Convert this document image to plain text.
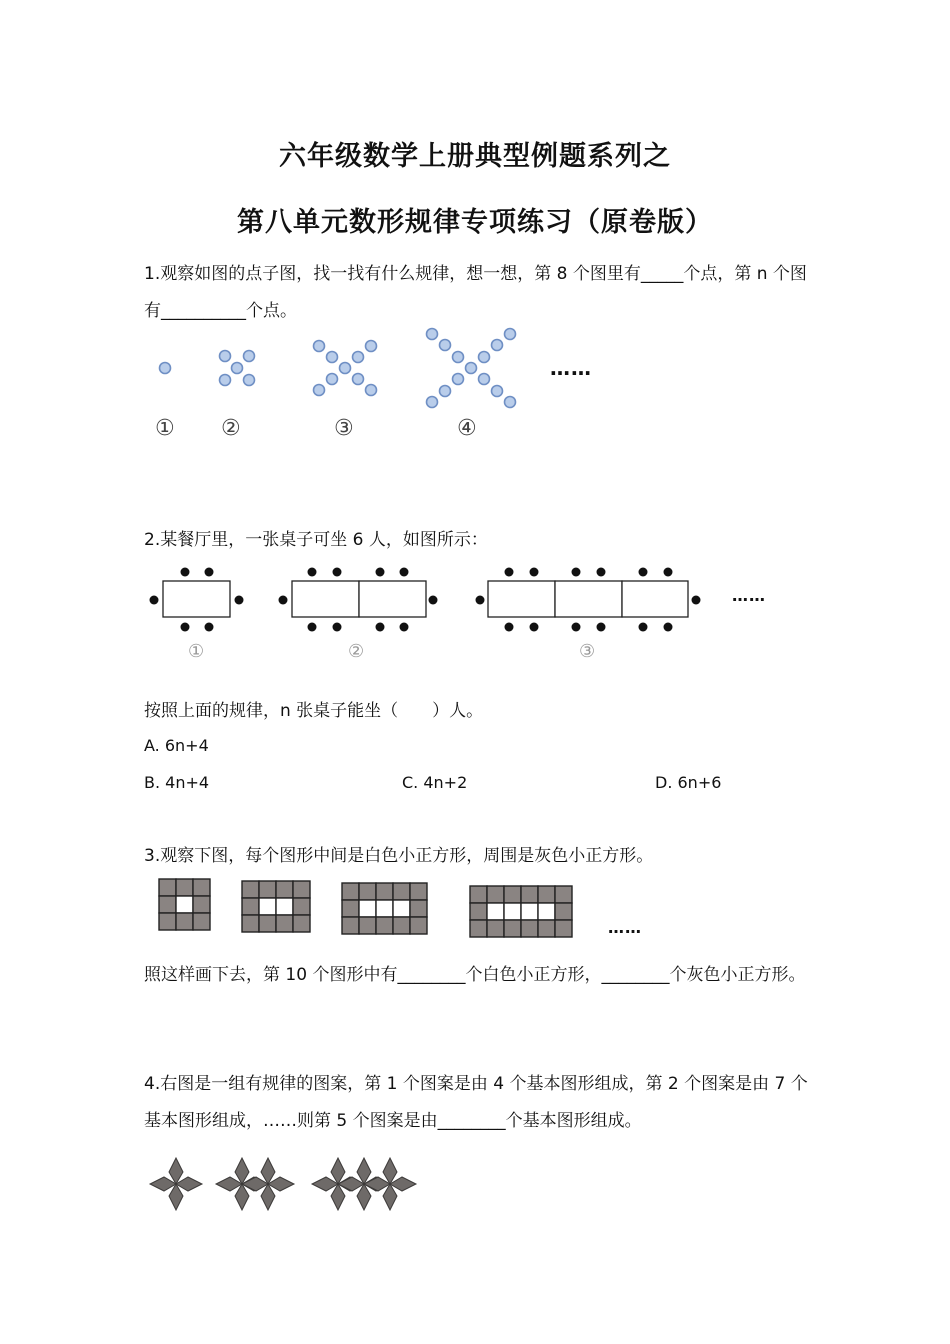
六年级数学上册典型例题系列之
第八单元数形规律专项练习（原卷版）
1.观察如图的点子图，找一找有什么规律，想一想，第 8 个图里有_____个点，第 n 个图有__________个点。
……
① ②	③	④
2.某餐厅里，一张桌子可坐 6 人，如图所示：
……
①	②	③
按照上面的规律，n 张桌子能坐（　　）人。
A. 6n+4
B. 4n+4	C. 4n+2	D. 6n+6
3.观察下图，每个图形中间是白色小正方形，周围是灰色小正方形。
……
照这样画下去，第 10 个图形中有________个白色小正方形，________个灰色小正方形。
4.右图是一组有规律的图案，第 1 个图案是由 4 个基本图形组成，第 2 个图案是由 7 个基本图形组成，……则第 5 个图案是由________个基本图形组成。
